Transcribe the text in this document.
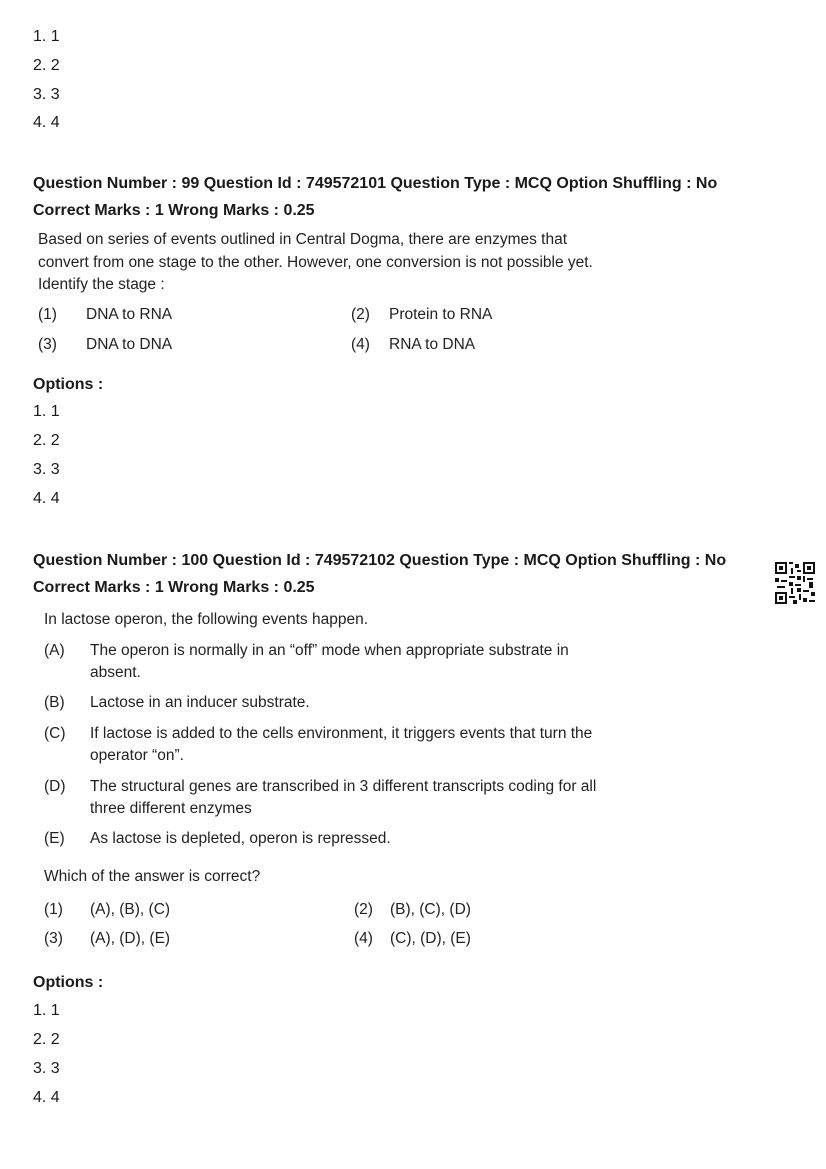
1. 1
2. 2
3. 3
4. 4
Question Number : 99 Question Id : 749572101 Question Type : MCQ Option Shuffling : No
Correct Marks : 1 Wrong Marks : 0.25
Based on series of events outlined in Central Dogma, there are enzymes that
convert from one stage to the other. However, one conversion is not possible yet.
Identify the stage :
(1) DNA to RNA	(2) Protein to RNA
(3) DNA to DNA	(4) RNA to DNA
Options :
1. 1
2. 2
3. 3
4. 4
Question Number : 100 Question Id : 749572102 Question Type : MCQ Option Shuffling : No
Correct Marks : 1 Wrong Marks : 0.25
In lactose operon, the following events happen.
(A) The operon is normally in an “off” mode when appropriate substrate in
absent.
(B) Lactose in an inducer substrate.
(C) If lactose is added to the cells environment, it triggers events that turn the
operator “on”.
(D) The structural genes are transcribed in 3 different transcripts coding for all
three different enzymes
(E) As lactose is depleted, operon is repressed.
Which of the answer is correct?
(1) (A), (B), (C)	(2) (B), (C), (D)
(3) (A), (D), (E)	(4) (C), (D), (E)
Options :
1. 1
2. 2
3. 3
4. 4
